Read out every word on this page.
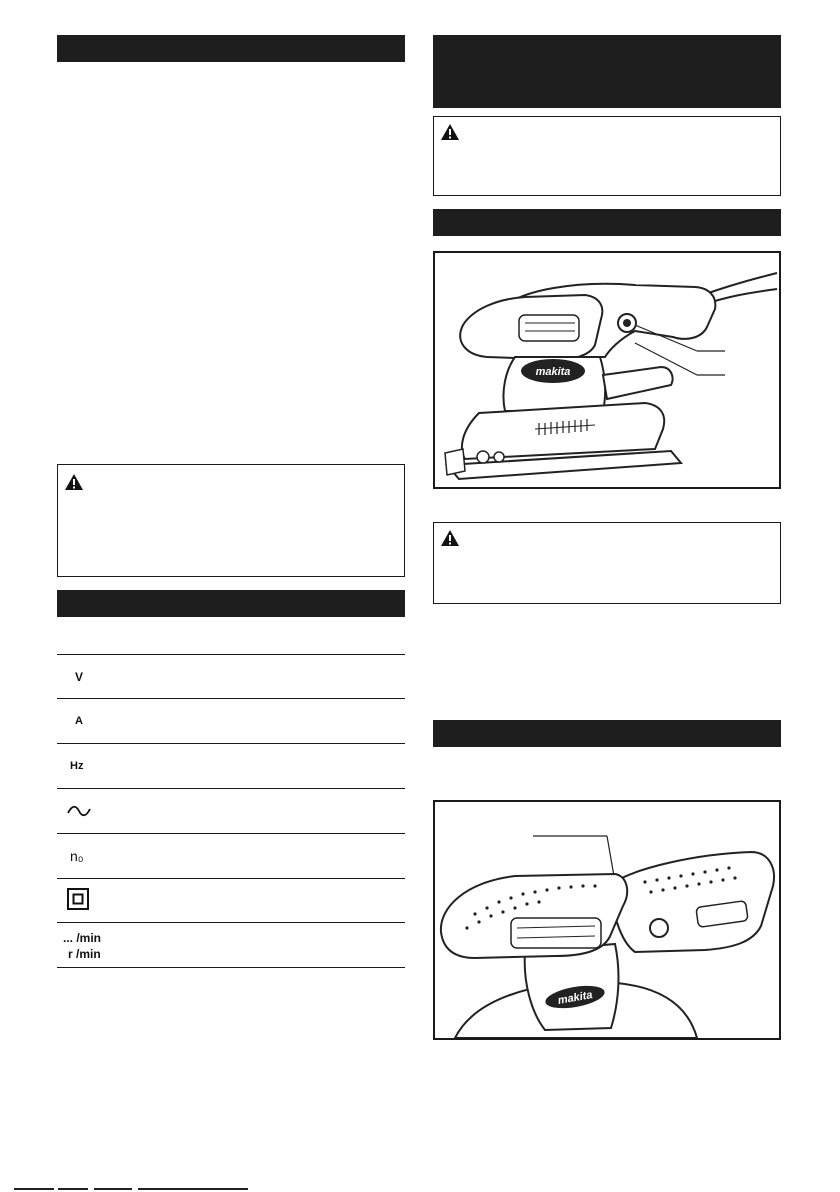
V
A
Hz
n₀
... /min
r /min
makita
makita
